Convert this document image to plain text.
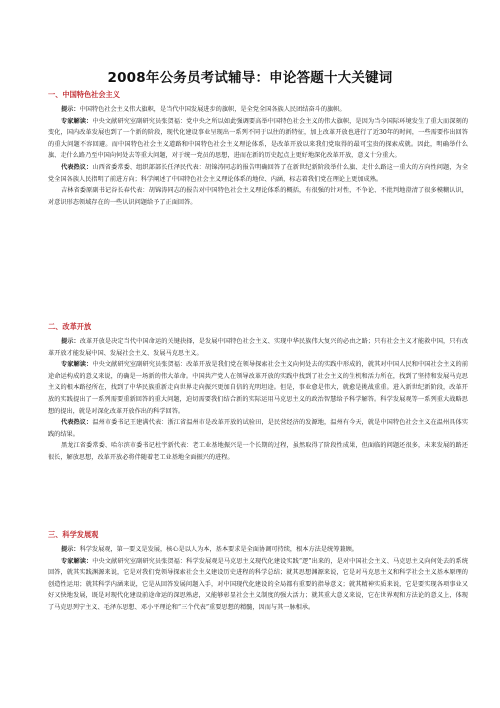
2008年公务员考试辅导：申论答题十大关键词
一、中国特色社会主义

提示：中国特色社会主义伟大旗帜，是当代中国发展进步的旗帜，是全党全国各族人民团结奋斗的旗帜。

专家解读：中央文献研究室副研究员张贺福：党中央之所以如此强调要高举中国特色社会主义的伟大旗帜，是因为当今国际环境发生了重大而深刻的变化，国内改革发展也到了一个新的阶段，现代化建设事业呈现出一系列不同于以往的新特征，加上改革开放也进行了近30年的时间，一些需要作出回答的重大问题不容回避。而中国特色社会主义道路和中国特色社会主义理论体系，是改革开放以来我们党取得的最可宝贵的探索成就。因此，明确举什么旗、走什么路乃至中国向何处去等重大问题，对于统一党员的思想，进而在新的历史起点上更好地深化改革开放，意义十分重大。

代表热议：山西省委常委、组织部部长任泽民代表：胡锦涛同志的报告明确回答了在新世纪新阶段举什么旗、走什么路这一重大的方向性问题，为全党全国各族人民指明了前进方向；科学阐述了中国特色社会主义理论体系的地位、内涵，标志着我们党在理论上更加成熟。

吉林省委原副书记谷长春代表：胡锦涛同志的报告对中国特色社会主义理论体系的概括，有很强的针对性，不争论、不批判地澄清了很多模糊认识，对意识形态领域存在的一些认识问题给予了正面回答。

二、改革开放

提示：改革开放是决定当代中国命运的关键抉择，是发展中国特色社会主义、实现中华民族伟大复兴的必由之路；只有社会主义才能救中国，只有改革开放才能发展中国、发展社会主义、发展马克思主义。

专家解读：中央文献研究室副研究员张贺福：改革开放是我们党在领导探索社会主义向何处去的实践中形成的，就其对中国人民和中国社会主义的前途命运构成的意义来说，的确是一场新的伟大革命。中国共产党人在领导改革开放的实践中找到了社会主义的生机和活力所在，找到了坚持和发展马克思主义的根本路径所在，找到了中华民族重新走向世界走向振兴更加自信的光明坦途。但是，事业愈是伟大，就愈是挑战重重。进入新世纪新阶段，改革开放的实践提出了一系列需要重新回答的重大问题，迫切需要我们结合新的实际运用马克思主义的政治智慧给予科学解答。科学发展观等一系列重大战略思想的提出，就是对深化改革开放作出的科学回答。

代表热议：温州市委书记王建满代表：浙江省温州市是改革开放的试验田，是民营经济的发源地，温州有今天，就是中国特色社会主义在温州具体实践的结果。

黑龙江省委常委、哈尔滨市委书记杜宇新代表：老工业基地振兴是一个长期的过程，虽然取得了阶段性成果，但面临的问题还很多，未来发展的路还很长，解放思想，改革开放必将伴随着老工业基地全面振兴的进程。

三、科学发展观

提示：科学发展观，第一要义是发展，核心是以人为本，基本要求是全面协调可持续，根本方法是统筹兼顾。

专家解读：中央文献研究室副研究员张贺福：科学发展观是马克思主义现代化建设实践“逻”出来的，是对中国社会主义、马克思主义向何处去的系统回答，就其实践渊源来说，它是对我们党领导探索社会主义建设历史进程的科学总结；就其思想渊源来说，它是对马克思主义和科学社会主义基本原理的创造性运用；就其科学内涵来说，它是从回答发展问题入手，对中国现代化建设的全局都有重要的指导意义；就其精神实质来说，它是要实现各项事业又好又快地发展，既是对现代化建设前途命运的深思熟虑，又能够彰显社会主义制度的强大活力；就其重大意义来说，它在世界观和方法论的意义上，体现了马克思列宁主义、毛泽东思想、邓小平理论和“三个代表”重要思想的精髓，因而与其一脉相承。
